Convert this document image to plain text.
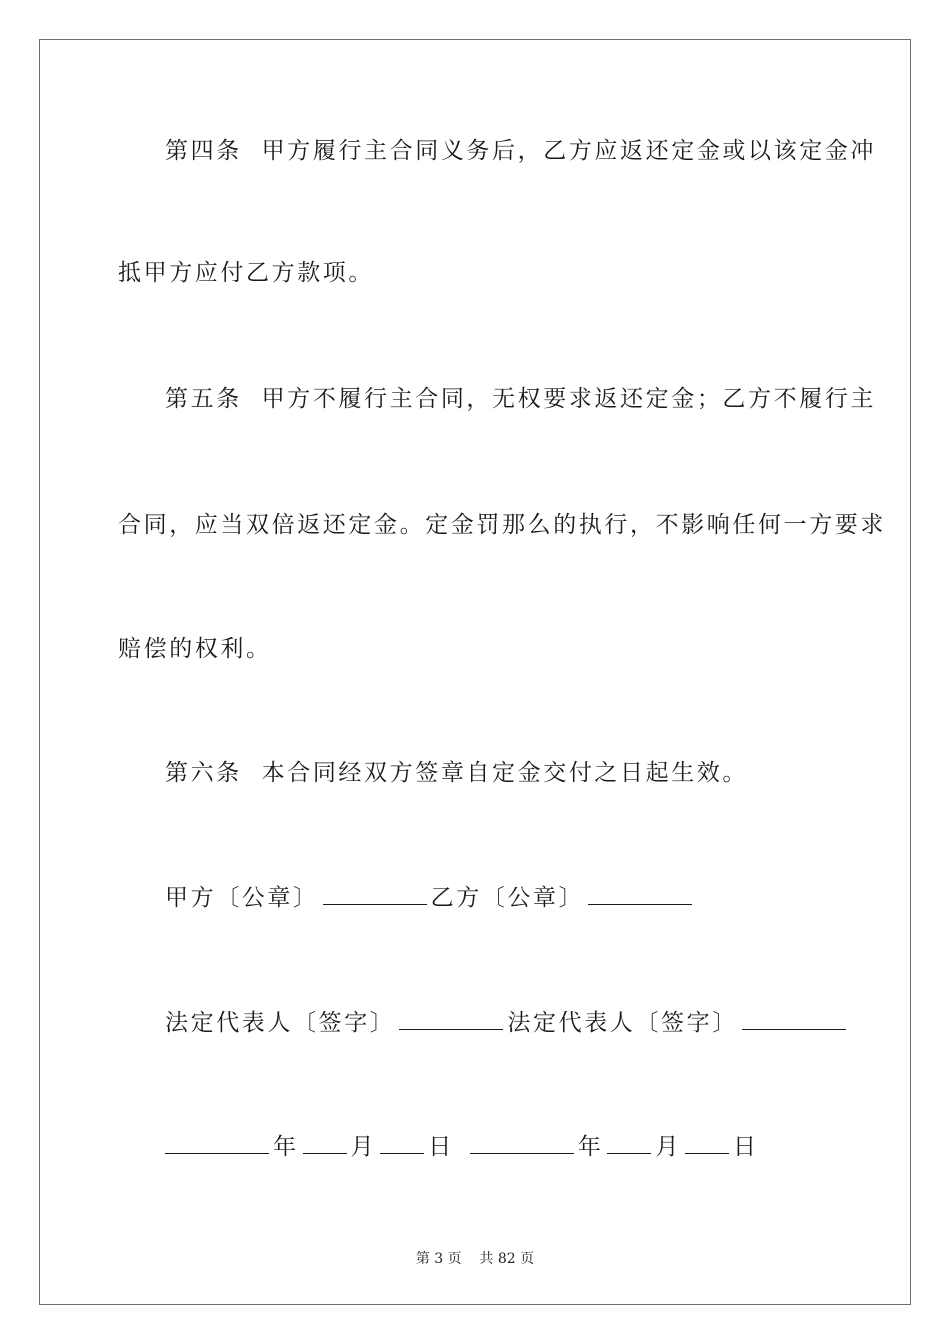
第四条  甲方履行主合同义务后，乙方应返还定金或以该定金冲
抵甲方应付乙方款项。
第五条  甲方不履行主合同，无权要求返还定金；乙方不履行主
合同，应当双倍返还定金。定金罚那么的执行，不影响任何一方要求
赔偿的权利。
第六条  本合同经双方签章自定金交付之日起生效。
甲方〔公章〕	乙方〔公章〕
法定代表人〔签字〕	法定代表人〔签字〕
年 月 日	年 月 日
第 3 页    共 82 页
